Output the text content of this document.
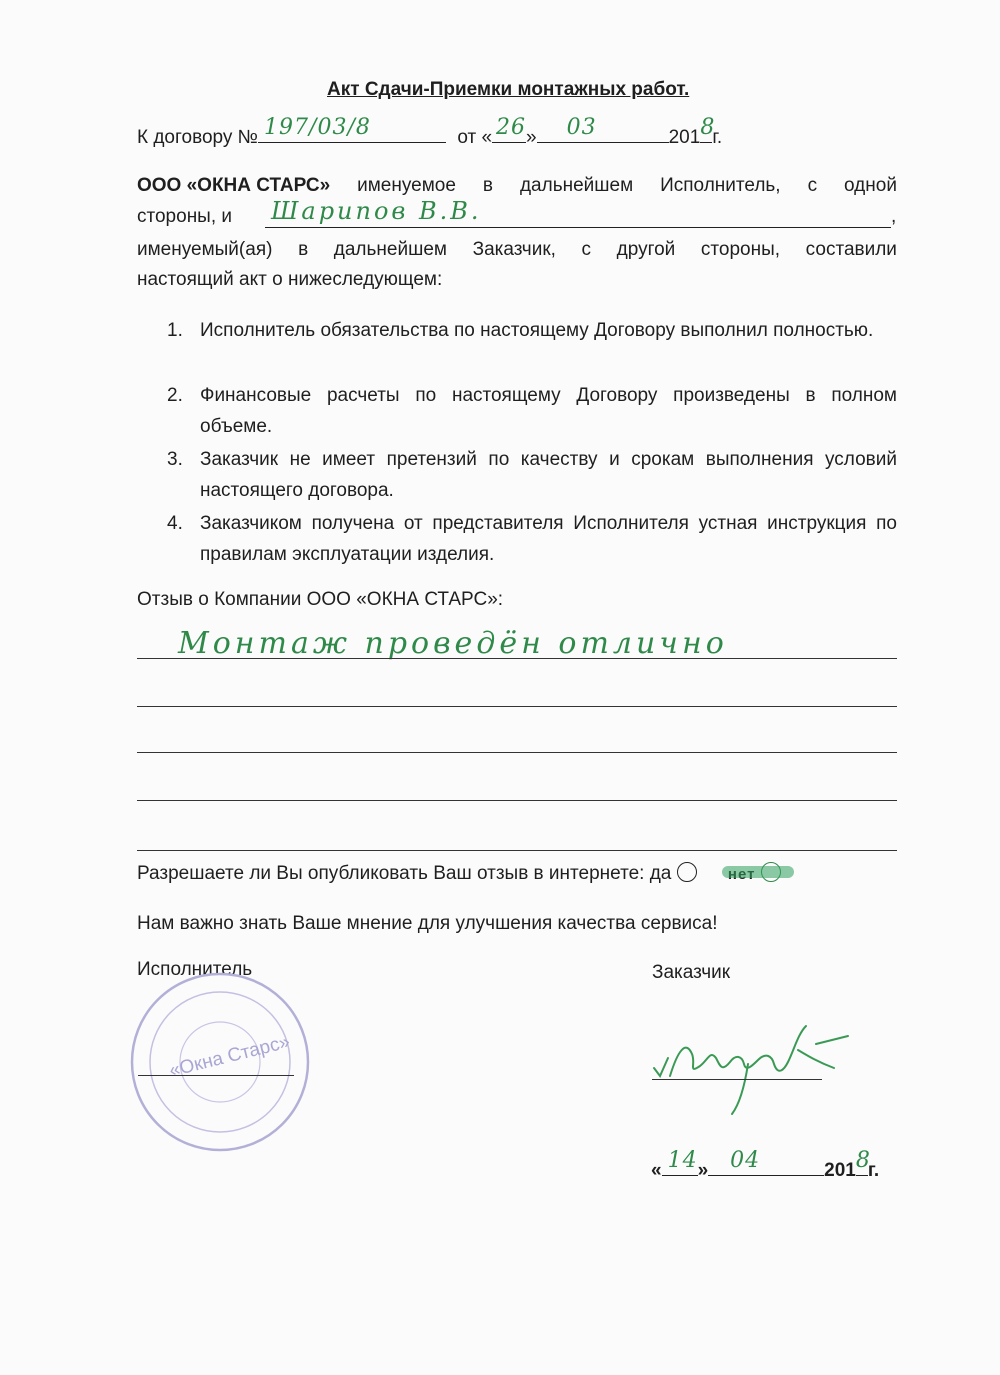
Акт Сдачи-Приемки монтажных работ.
К договору № 197/03/8	от « 26 » 03	201 8
г.
ООО «ОКНА СТАРС» именуемое в дальнейшем Исполнитель, с одной
стороны, и Шарипов В.В.	,
именуемый(ая) в дальнейшем Заказчик, с другой стороны, составили
настоящий акт о нижеследующем:
1. Исполнитель обязательства по настоящему Договору выполнил полностью.
2. Финансовые расчеты по настоящему Договору произведены в полном объеме.
3. Заказчик не имеет претензий по качеству и срокам выполнения условий настоящего договора.
4. Заказчиком получена от представителя Исполнителя устная инструкция по правилам эксплуатации изделия.
Отзыв о Компании ООО «ОКНА СТАРС»:
Монтаж проведён отлично
Разрешаете ли Вы опубликовать Ваш отзыв в интернете: да
Нам важно знать Ваше мнение для улучшения качества сервиса!
Исполнитель	Заказчик
«Окна Старс»
« 14 » 04	201 8
г.
